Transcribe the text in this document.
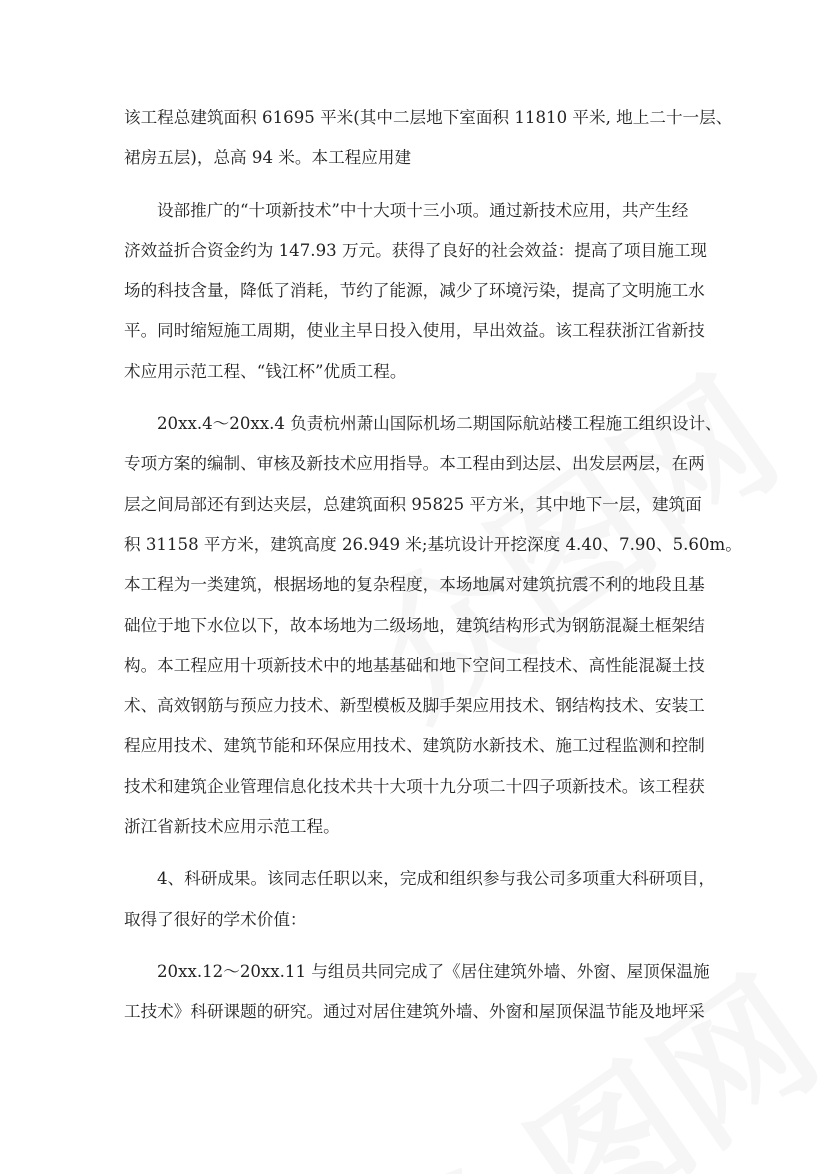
该工程总建筑面积 61695 平米(其中二层地下室面积 11810 平米, 地上二十一层、
裙房五层)，总高 94 米。本工程应用建

设部推广的“十项新技术”中十大项十三小项。通过新技术应用，共产生经
济效益折合资金约为 147.93 万元。获得了良好的社会效益：提高了项目施工现
场的科技含量，降低了消耗，节约了能源，减少了环境污染，提高了文明施工水
平。同时缩短施工周期，使业主早日投入使用，早出效益。该工程获浙江省新技
术应用示范工程、“钱江杯”优质工程。

20xx.4～20xx.4 负责杭州萧山国际机场二期国际航站楼工程施工组织设计、
专项方案的编制、审核及新技术应用指导。本工程由到达层、出发层两层，在两
层之间局部还有到达夹层，总建筑面积 95825 平方米，其中地下一层，建筑面
积 31158 平方米，建筑高度 26.949 米;基坑设计开挖深度 4.40、7.90、5.60m。
本工程为一类建筑，根据场地的复杂程度，本场地属对建筑抗震不利的地段且基
础位于地下水位以下，故本场地为二级场地，建筑结构形式为钢筋混凝土框架结
构。本工程应用十项新技术中的地基基础和地下空间工程技术、高性能混凝土技
术、高效钢筋与预应力技术、新型模板及脚手架应用技术、钢结构技术、安装工
程应用技术、建筑节能和环保应用技术、建筑防水新技术、施工过程监测和控制
技术和建筑企业管理信息化技术共十大项十九分项二十四子项新技术。该工程获
浙江省新技术应用示范工程。

4、科研成果。该同志任职以来，完成和组织参与我公司多项重大科研项目，
取得了很好的学术价值：

20xx.12～20xx.11 与组员共同完成了《居住建筑外墙、外窗、屋顶保温施
工技术》科研课题的研究。通过对居住建筑外墙、外窗和屋顶保温节能及地坪采
